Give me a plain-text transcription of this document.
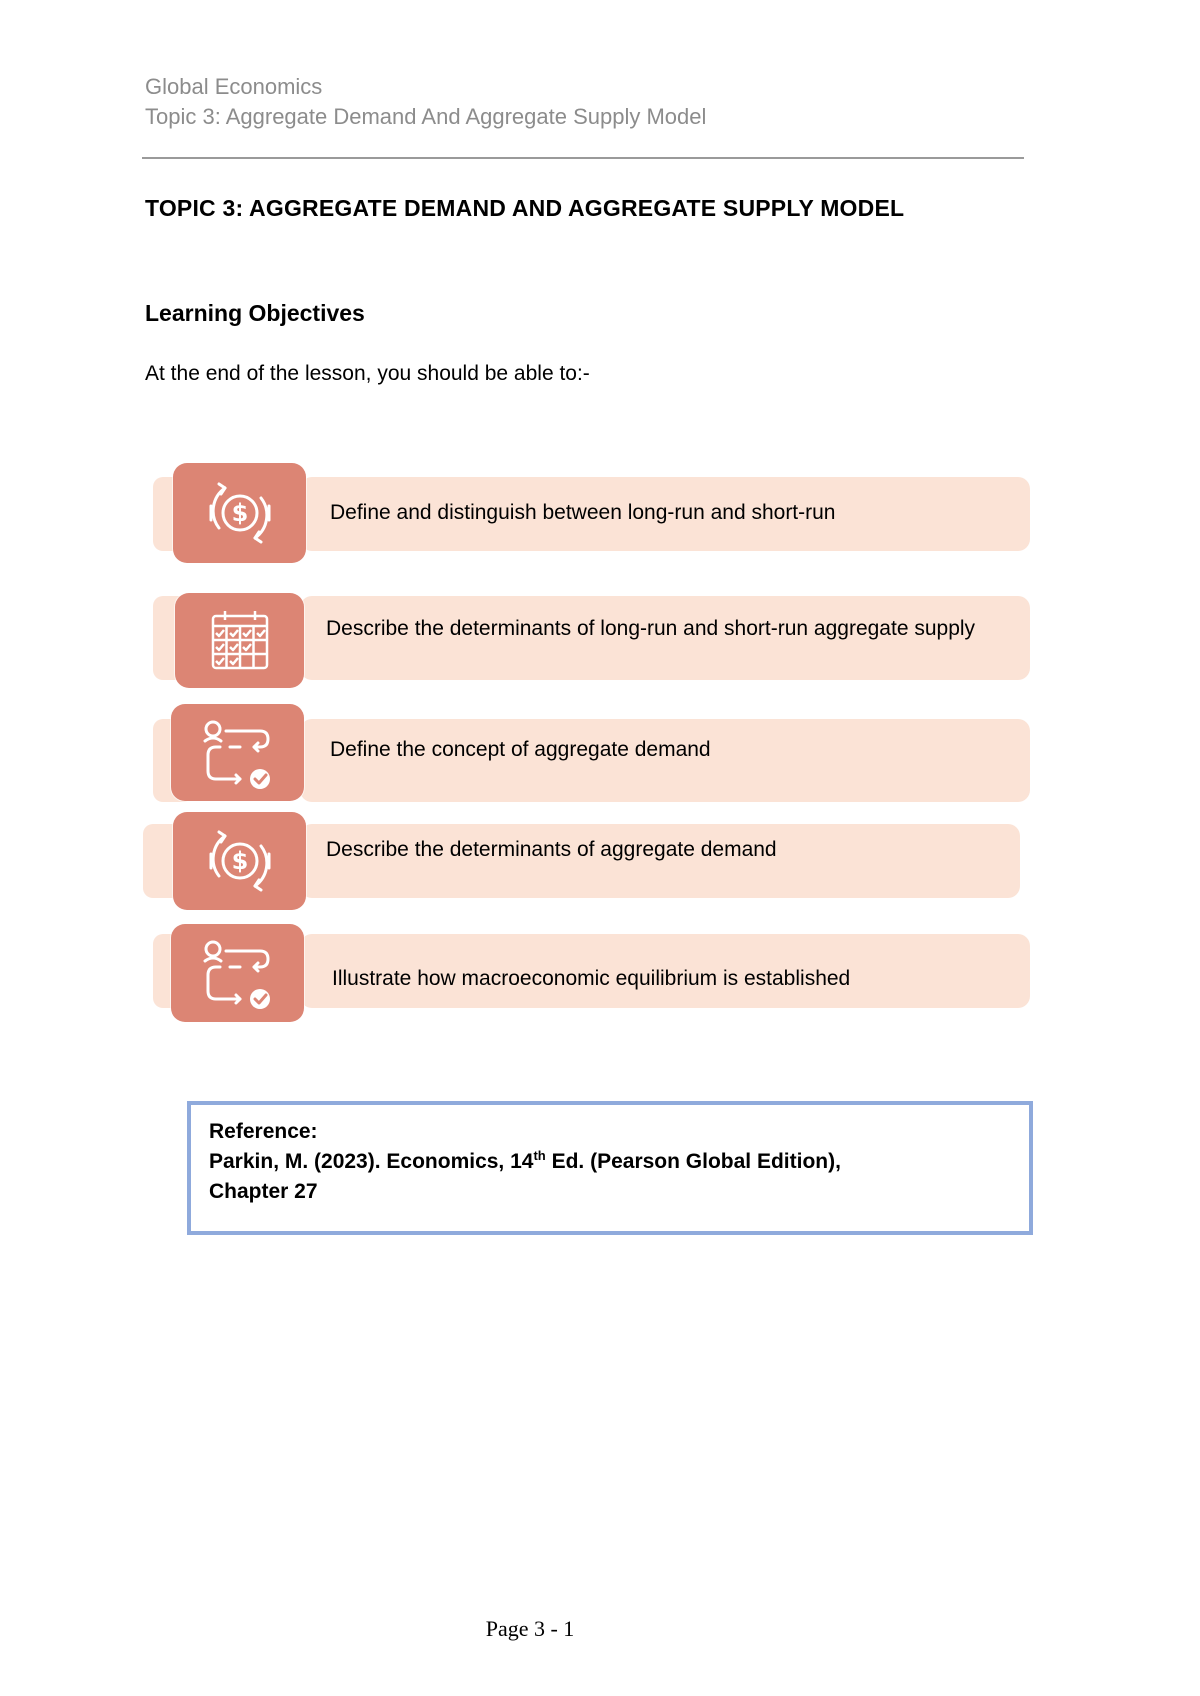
Global Economics
Topic 3: Aggregate Demand And Aggregate Supply Model
TOPIC 3: AGGREGATE DEMAND AND AGGREGATE SUPPLY MODEL
Learning Objectives
At the end of the lesson, you should be able to:-
$	Define and distinguish between long-run and short-run
Describe the determinants of long-run and short-run aggregate supply
Define the concept of aggregate demand
$	Describe the determinants of aggregate demand
Illustrate how macroeconomic equilibrium is established
Reference:
Parkin, M. (2023). Economics, 14th Ed. (Pearson Global Edition),
Chapter 27
Page 3 - 1
